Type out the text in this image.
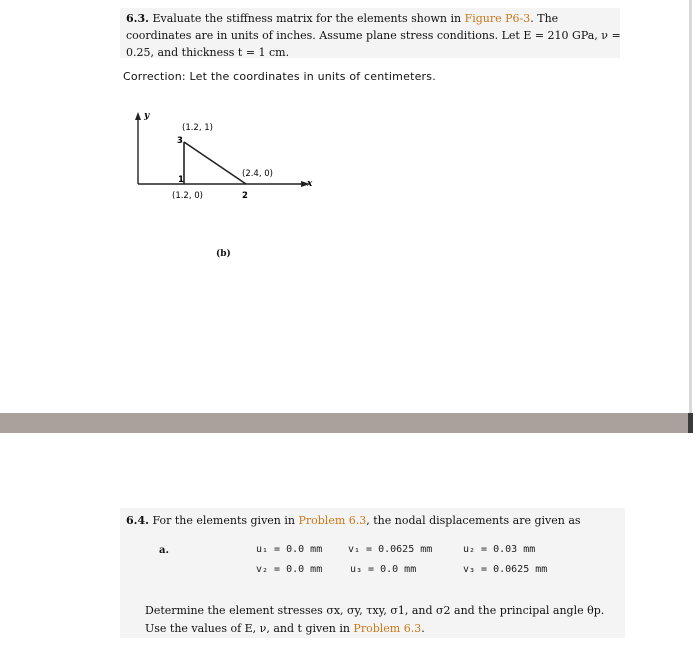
6.3. Evaluate the stiffness matrix for the elements shown in Figure P6-3. The coordinates are in units of inches. Assume plane stress conditions. Let E = 210 GPa, ν = 0.25, and thickness t = 1 cm.
Correction: Let the coordinates in units of centimeters.
y
x
(1.2, 1)
3
1
(1.2, 0)
(2.4, 0)
2
(b)
6.4. For the elements given in Problem 6.3, the nodal displacements are given as
a.	u₁ = 0.0 mm	v₁ = 0.0625 mm	u₂ = 0.03 mm
v₂ = 0.0 mm	u₃ = 0.0 mm	v₃ = 0.0625 mm
Determine the element stresses σx, σy, τxy, σ1, and σ2 and the principal angle θp. Use the values of E, ν, and t given in Problem 6.3.
